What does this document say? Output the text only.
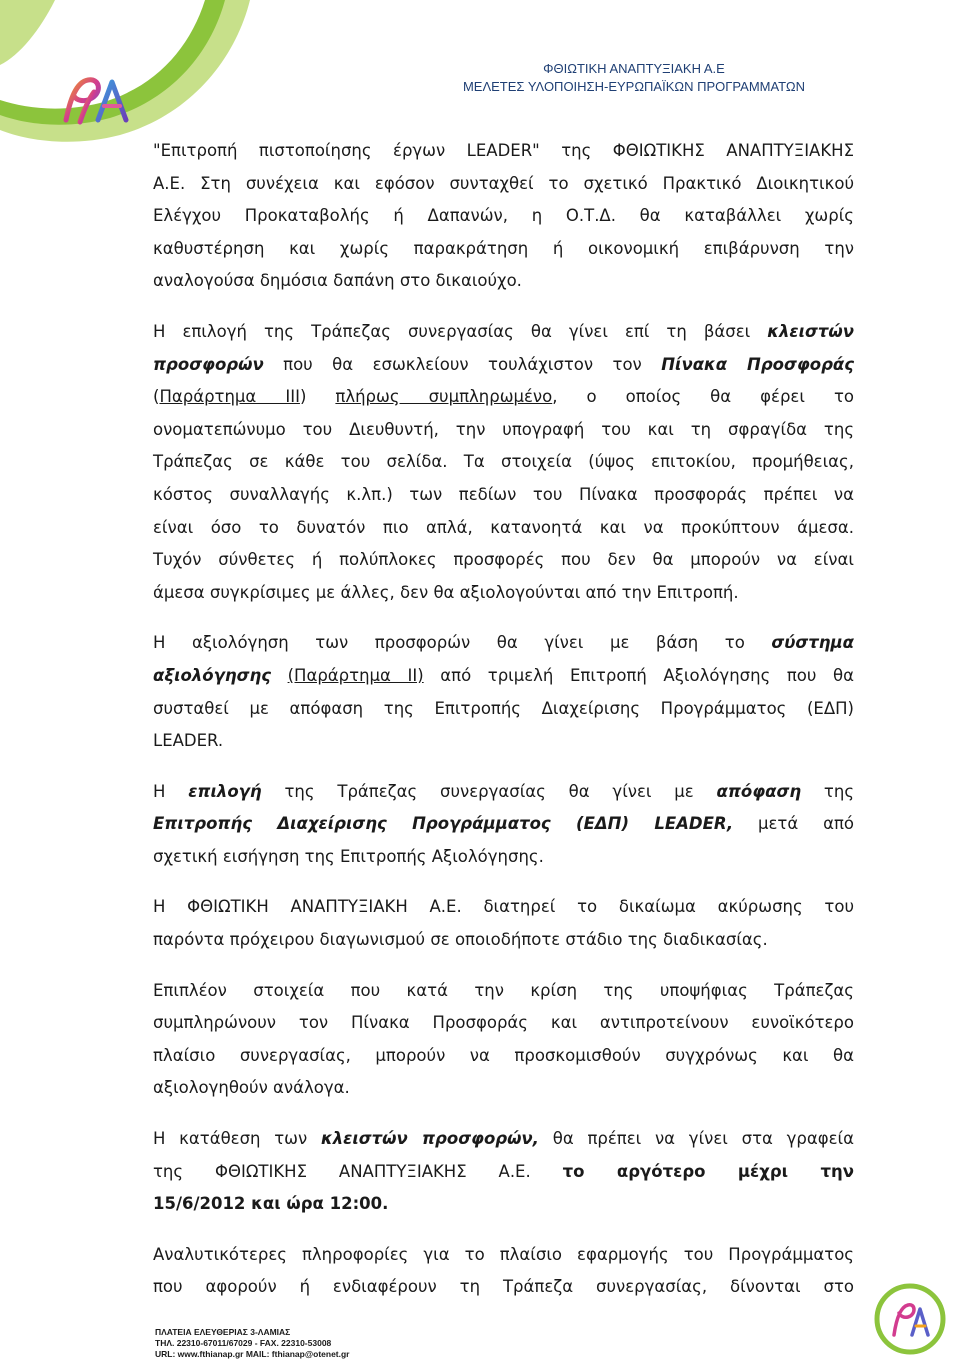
ΦΘΙΩΤΙΚΗ ΑΝΑΠΤΥΞΙΑΚΗ Α.Ε
ΜΕΛΕΤΕΣ ΥΛΟΠΟΙΗΣΗ-ΕΥΡΩΠΑΪΚΩΝ ΠΡΟΓΡΑΜΜΑΤΩΝ
"Επιτροπή πιστοποίησης έργων LEADER" της ΦΘΙΩΤΙΚΗΣ ΑΝΑΠΤΥΞΙΑΚΗΣ
Α.Ε. Στη συνέχεια και εφόσον συνταχθεί το σχετικό Πρακτικό Διοικητικού
Ελέγχου Προκαταβολής ή Δαπανών, η Ο.Τ.Δ. θα καταβάλλει χωρίς
καθυστέρηση και χωρίς παρακράτηση ή οικονομική επιβάρυνση την
αναλογούσα δημόσια δαπάνη στο δικαιούχο.
Η επιλογή της Τράπεζας συνεργασίας θα γίνει επί τη βάσει κλειστών
προσφορών που θα εσωκλείουν τουλάχιστον τον Πίνακα Προσφοράς
(Παράρτημα III) πλήρως συμπληρωμένο, ο οποίος θα φέρει το
ονοματεπώνυμο του Διευθυντή, την υπογραφή του και τη σφραγίδα της
Τράπεζας σε κάθε του σελίδα. Τα στοιχεία (ύψος επιτοκίου, προμήθειας,
κόστος συναλλαγής κ.λπ.) των πεδίων του Πίνακα προσφοράς πρέπει να
είναι όσο το δυνατόν πιο απλά, κατανοητά και να προκύπτουν άμεσα.
Τυχόν σύνθετες ή πολύπλοκες προσφορές που δεν θα μπορούν να είναι
άμεσα συγκρίσιμες με άλλες, δεν θα αξιολογούνται από την Επιτροπή.
Η αξιολόγηση των προσφορών θα γίνει με βάση το σύστημα
αξιολόγησης (Παράρτημα ΙΙ) από τριμελή Επιτροπή Αξιολόγησης που θα
συσταθεί με απόφαση της Επιτροπής Διαχείρισης Προγράμματος (ΕΔΠ)
LEADER.
Η επιλογή της Τράπεζας συνεργασίας θα γίνει με απόφαση της
Επιτροπής Διαχείρισης Προγράμματος (ΕΔΠ) LEADER, μετά από
σχετική εισήγηση της Επιτροπής Αξιολόγησης.
Η ΦΘΙΩΤΙΚΗ ΑΝΑΠΤΥΞΙΑΚΗ Α.Ε. διατηρεί το δικαίωμα ακύρωσης του
παρόντα πρόχειρου διαγωνισμού σε οποιοδήποτε στάδιο της διαδικασίας.
Επιπλέον στοιχεία που κατά την κρίση της υποψήφιας Τράπεζας
συμπληρώνουν τον Πίνακα Προσφοράς και αντιπροτείνουν ευνοϊκότερο
πλαίσιο συνεργασίας, μπορούν να προσκομισθούν συγχρόνως και θα
αξιολογηθούν ανάλογα.
Η κατάθεση των κλειστών προσφορών, θα πρέπει να γίνει στα γραφεία
της ΦΘΙΩΤΙΚΗΣ ΑΝΑΠΤΥΞΙΑΚΗΣ Α.Ε. το αργότερο μέχρι την
15/6/2012 και ώρα 12:00.
Αναλυτικότερες πληροφορίες για το πλαίσιο εφαρμογής του Προγράμματος
που αφορούν ή ενδιαφέρουν τη Τράπεζα συνεργασίας, δίνονται στο
ΠΛΑΤΕΙΑ ΕΛΕΥΘΕΡΙΑΣ 3-ΛΑΜΙΑΣ
ΤΗΛ. 22310-67011/67029 - FAX. 22310-53008
URL: www.fthianap.gr MAIL: fthianap@otenet.gr
